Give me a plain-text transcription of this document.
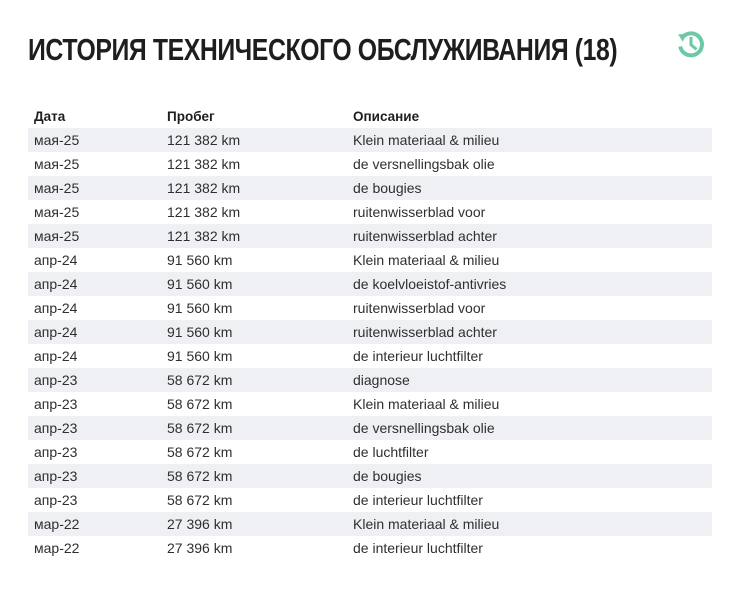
ИСТОРИЯ ТЕХНИЧЕСКОГО ОБСЛУЖИВАНИЯ (18)
Дата	Пробег	Описание
мая-25	121 382 km	Klein materiaal & milieu
мая-25	121 382 km	de versnellingsbak olie
мая-25	121 382 km	de bougies
мая-25	121 382 km	ruitenwisserblad voor
мая-25	121 382 km	ruitenwisserblad achter
апр-24	91 560 km	Klein materiaal & milieu
апр-24	91 560 km	de koelvloeistof-antivries
апр-24	91 560 km	ruitenwisserblad voor
апр-24	91 560 km	ruitenwisserblad achter
апр-24	91 560 km	de interieur luchtfilter
апр-23	58 672 km	diagnose
апр-23	58 672 km	Klein materiaal & milieu
апр-23	58 672 km	de versnellingsbak olie
апр-23	58 672 km	de luchtfilter
апр-23	58 672 km	de bougies
апр-23	58 672 km	de interieur luchtfilter
мар-22	27 396 km	Klein materiaal & milieu
мар-22	27 396 km	de interieur luchtfilter
